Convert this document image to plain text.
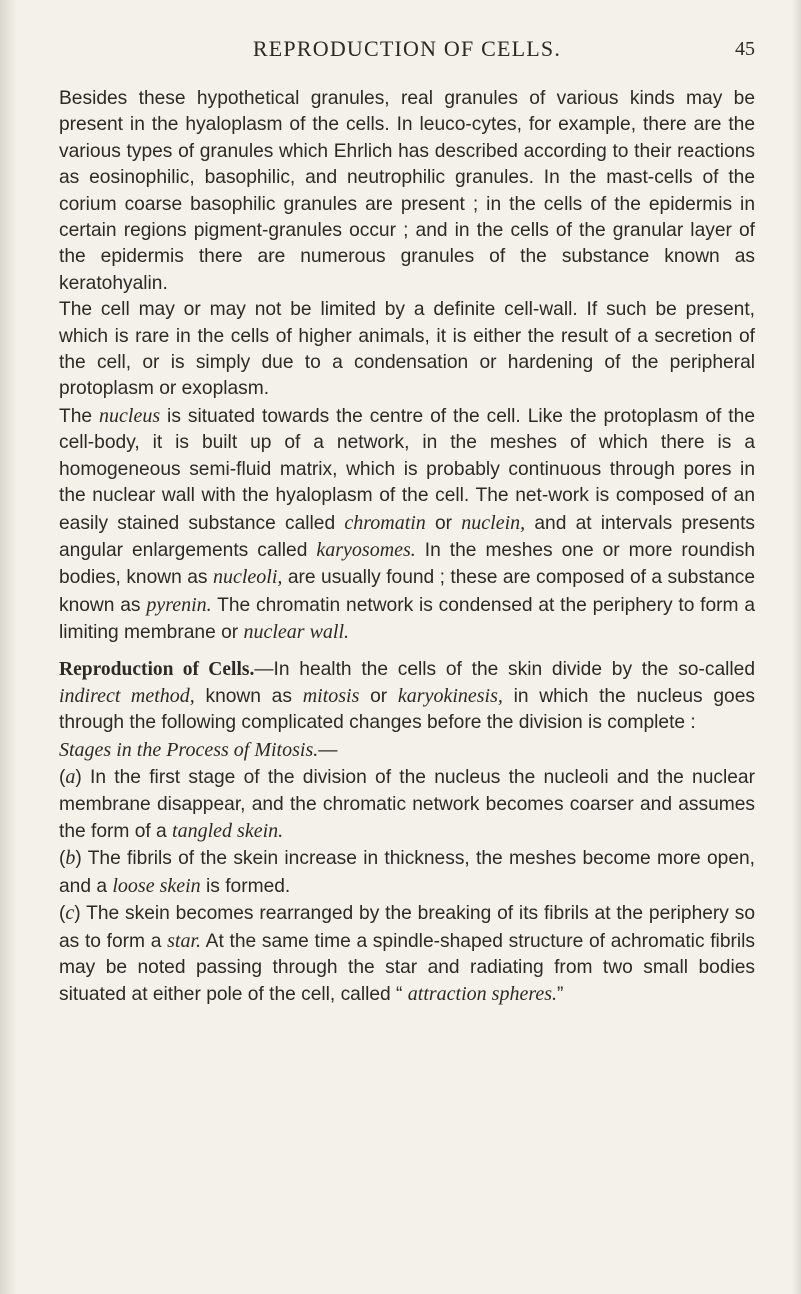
REPRODUCTION OF CELLS.	45

Besides these hypothetical granules, real granules of various kinds may be present in the hyaloplasm of the cells. In leuco-cytes, for example, there are the various types of granules which Ehrlich has described according to their reactions as eosinophilic, basophilic, and neutrophilic granules. In the mast-cells of the corium coarse basophilic granules are present ; in the cells of the epidermis in certain regions pigment-granules occur ; and in the cells of the granular layer of the epidermis there are numerous granules of the substance known as keratohyalin.

The cell may or may not be limited by a definite cell-wall. If such be present, which is rare in the cells of higher animals, it is either the result of a secretion of the cell, or is simply due to a condensation or hardening of the peripheral protoplasm or exoplasm.

The nucleus is situated towards the centre of the cell. Like the protoplasm of the cell-body, it is built up of a network, in the meshes of which there is a homogeneous semi-fluid matrix, which is probably continuous through pores in the nuclear wall with the hyaloplasm of the cell. The net-work is composed of an easily stained substance called chromatin or nuclein, and at intervals presents angular enlargements called karyosomes. In the meshes one or more roundish bodies, known as nucleoli, are usually found ; these are composed of a substance known as pyrenin. The chromatin network is condensed at the periphery to form a limiting membrane or nuclear wall.

Reproduction of Cells.—In health the cells of the skin divide by the so-called indirect method, known as mitosis or karyokinesis, in which the nucleus goes through the following complicated changes before the division is complete :

Stages in the Process of Mitosis.—

(a) In the first stage of the division of the nucleus the nucleoli and the nuclear membrane disappear, and the chromatic network becomes coarser and assumes the form of a tangled skein.

(b) The fibrils of the skein increase in thickness, the meshes become more open, and a loose skein is formed.

(c) The skein becomes rearranged by the breaking of its fibrils at the periphery so as to form a star. At the same time a spindle-shaped structure of achromatic fibrils may be noted passing through the star and radiating from two small bodies situated at either pole of the cell, called “ attraction spheres.”
